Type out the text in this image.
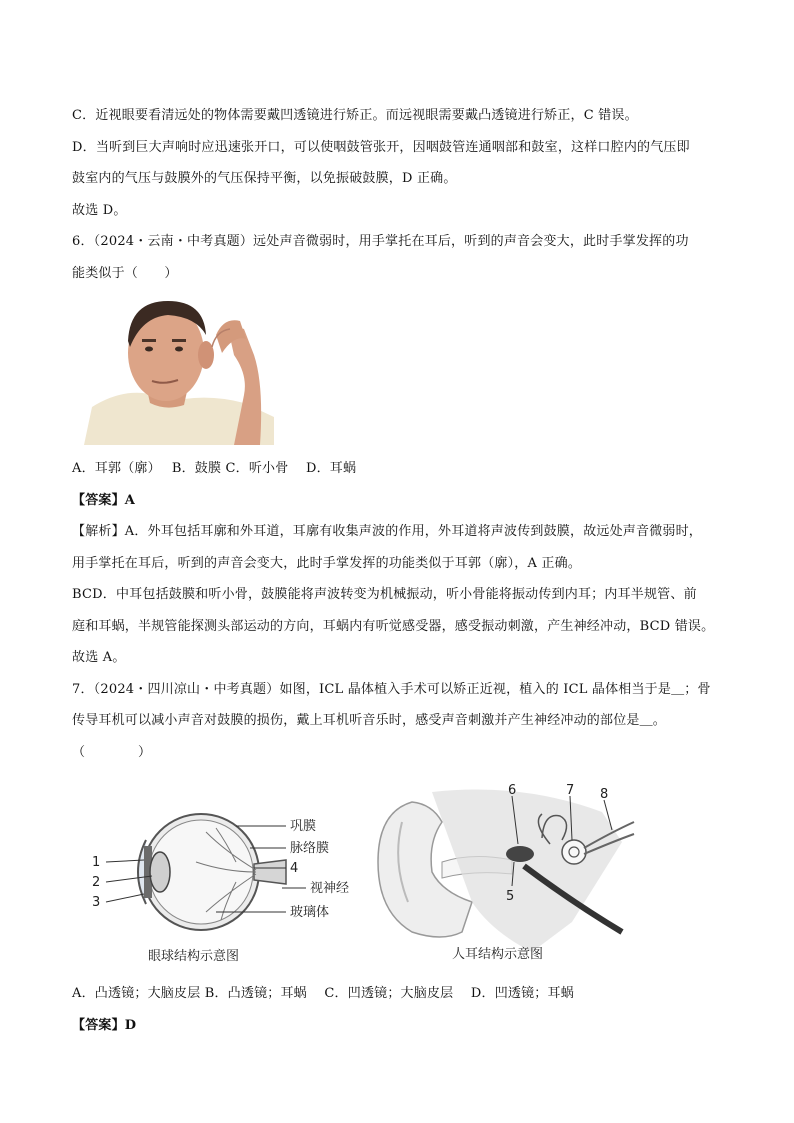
C．近视眼要看清远处的物体需要戴凹透镜进行矫正。而远视眼需要戴凸透镜进行矫正，C 错误。
D．当听到巨大声响时应迅速张开口，可以使咽鼓管张开，因咽鼓管连通咽部和鼓室，这样口腔内的气压即
鼓室内的气压与鼓膜外的气压保持平衡，以免振破鼓膜，D 正确。
故选 D。
6．（2024・云南・中考真题）远处声音微弱时，用手掌托在耳后，听到的声音会变大，此时手掌发挥的功
能类似于（　　）
A．耳郭（廓）　 B．鼓膜 C．听小骨　 D．耳蜗
【答案】A
【解析】A．外耳包括耳廓和外耳道，耳廓有收集声波的作用，外耳道将声波传到鼓膜，故远处声音微弱时，
用手掌托在耳后，听到的声音会变大，此时手掌发挥的功能类似于耳郭（廓），A 正确。
BCD．中耳包括鼓膜和听小骨，鼓膜能将声波转变为机械振动，听小骨能将振动传到内耳；内耳半规管、前
庭和耳蜗，半规管能探测头部运动的方向，耳蜗内有听觉感受器，感受振动刺激，产生神经冲动，BCD 错误。
故选 A。
7．（2024・四川凉山・中考真题）如图，ICL 晶体植入手术可以矫正近视，植入的 ICL 晶体相当于是＿；骨
传导耳机可以减小声音对鼓膜的损伤，戴上耳机听音乐时，感受声音刺激并产生神经冲动的部位是＿。
（　　　　）
巩膜
脉络膜
4
视神经
玻璃体
1
2
3
眼球结构示意图
6	7 8
5
人耳结构示意图
A．凸透镜；大脑皮层 B．凸透镜；耳蜗　 C．凹透镜；大脑皮层　 D．凹透镜；耳蜗
【答案】D
